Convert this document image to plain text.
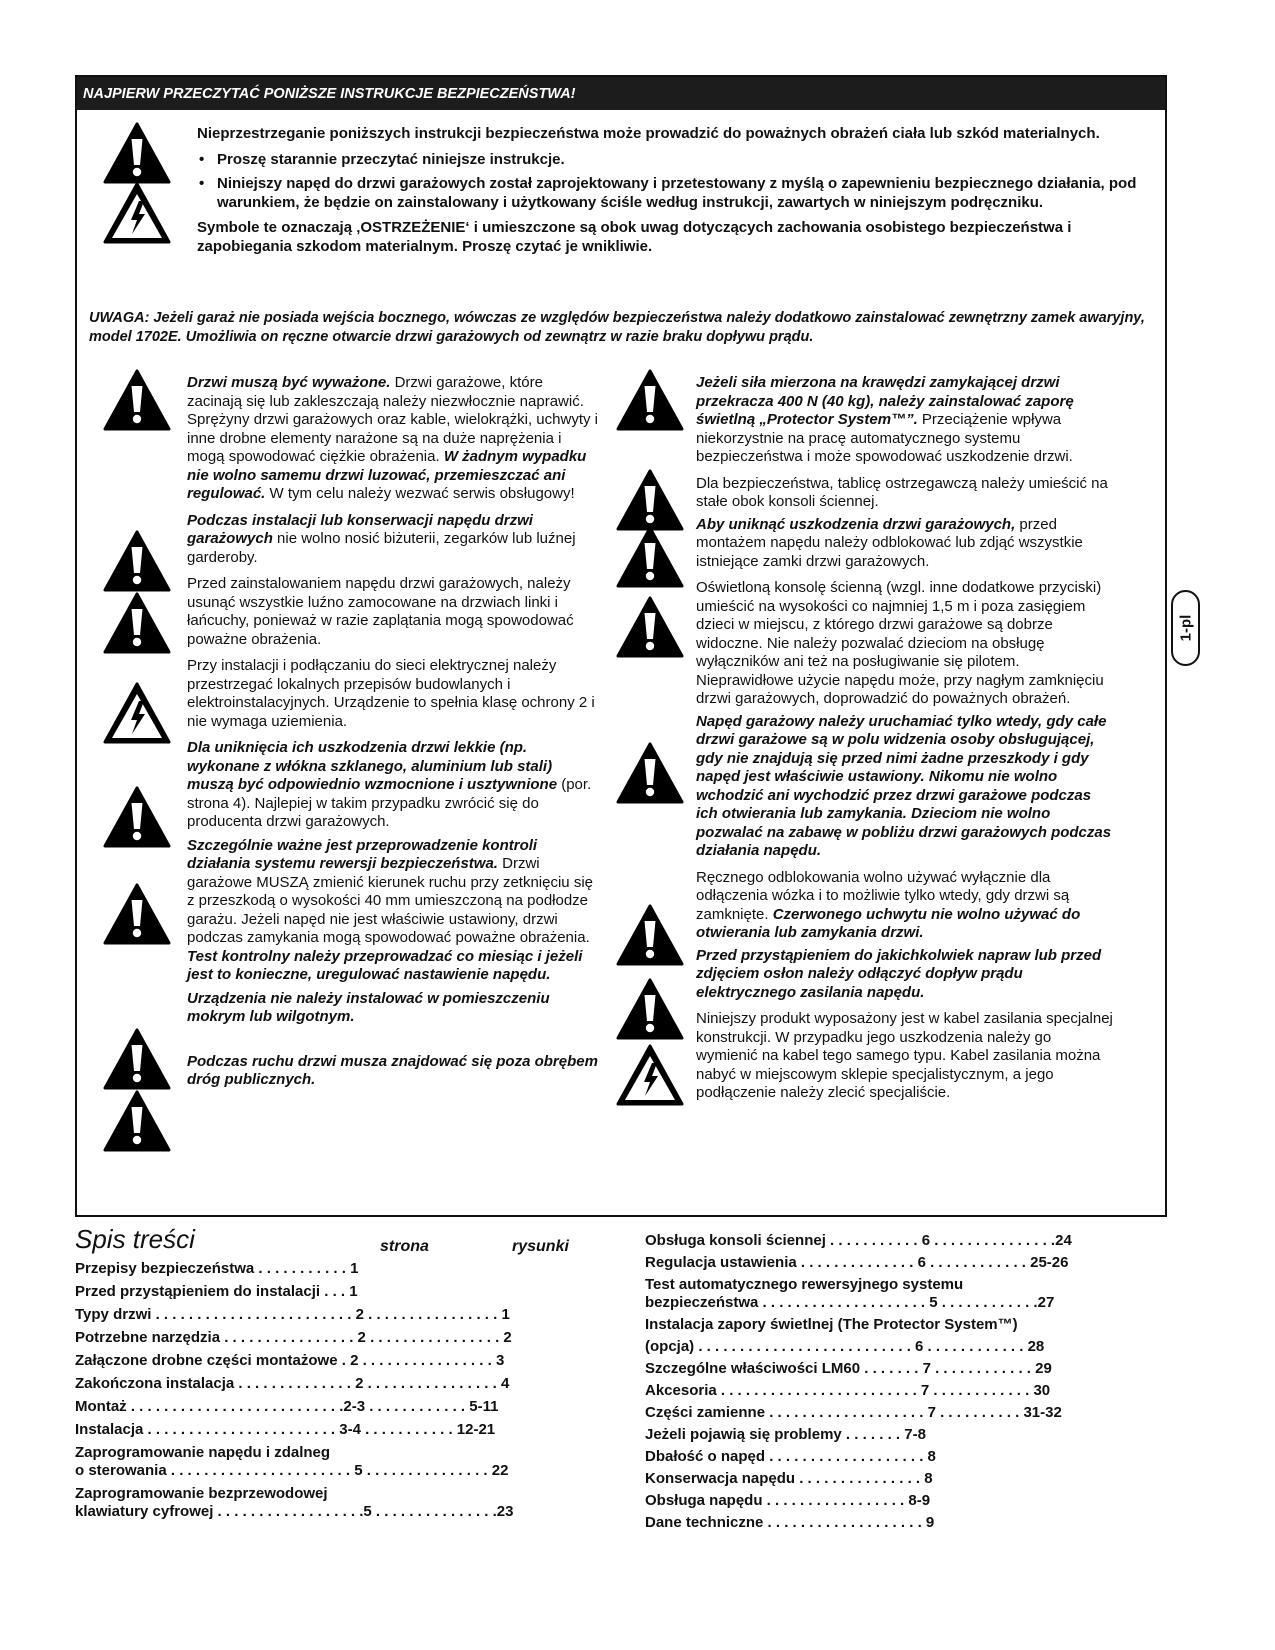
NAJPIERW PRZECZYTAĆ PONIŻSZE INSTRUKCJE BEZPIECZEŃSTWA!

Nieprzestrzeganie poniższych instrukcji bezpieczeństwa może prowadzić do poważnych obrażeń ciała lub szkód materialnych.

• Proszę starannie przeczytać niniejsze instrukcje.
• Niniejszy napęd do drzwi garażowych został zaprojektowany i przetestowany z myślą o zapewnieniu bezpiecznego działania, pod warunkiem, że będzie on zainstalowany i użytkowany ściśle według instrukcji, zawartych w niniejszym podręczniku.

Symbole te oznaczają ‚OSTRZEŻENIE‘ i umieszczone są obok uwag dotyczących zachowania osobistego bezpieczeństwa i zapobiegania szkodom materialnym. Proszę czytać je wnikliwie.

UWAGA: Jeżeli garaż nie posiada wejścia bocznego, wówczas ze względów bezpieczeństwa należy dodatkowo zainstalować zewnętrzny zamek awaryjny, model 1702E. Umożliwia on ręczne otwarcie drzwi garażowych od zewnątrz w razie braku dopływu prądu.

Drzwi muszą być wyważone. Drzwi garażowe, które zacinają się lub zakleszczają należy niezwłocznie naprawić. Sprężyny drzwi garażowych oraz kable, wielokrążki, uchwyty i inne drobne elementy narażone są na duże naprężenia i mogą spowodować ciężkie obrażenia. W żadnym wypadku nie wolno samemu drzwi luzować, przemieszczać ani regulować. W tym celu należy wezwać serwis obsługowy!

Podczas instalacji lub konserwacji napędu drzwi garażowych nie wolno nosić biżuterii, zegarków lub luźnej garderoby.

Przed zainstalowaniem napędu drzwi garażowych, należy usunąć wszystkie luźno zamocowane na drzwiach linki i łańcuchy, ponieważ w razie zaplątania mogą spowodować poważne obrażenia.

Przy instalacji i podłączaniu do sieci elektrycznej należy przestrzegać lokalnych przepisów budowlanych i elektroinstalacyjnych. Urządzenie to spełnia klasę ochrony 2 i nie wymaga uziemienia.

Dla uniknięcia ich uszkodzenia drzwi lekkie (np. wykonane z włókna szklanego, aluminium lub stali) muszą być odpowiednio wzmocnione i usztywnione (por. strona 4). Najlepiej w takim przypadku zwrócić się do producenta drzwi garażowych.

Szczególnie ważne jest przeprowadzenie kontroli działania systemu rewersji bezpieczeństwa. Drzwi garażowe MUSZĄ zmienić kierunek ruchu przy zetknięciu się z przeszkodą o wysokości 40 mm umieszczoną na podłodze garażu. Jeżeli napęd nie jest właściwie ustawiony, drzwi podczas zamykania mogą spowodować poważne obrażenia. Test kontrolny należy przeprowadzać co miesiąc i jeżeli jest to konieczne, uregulować nastawienie napędu.

Urządzenia nie należy instalować w pomieszczeniu mokrym lub wilgotnym.

Podczas ruchu drzwi musza znajdować się poza obrębem dróg publicznych.

Jeżeli siła mierzona na krawędzi zamykającej drzwi przekracza 400 N (40 kg), należy zainstalować zaporę świetlną „Protector System™”. Przeciążenie wpływa niekorzystnie na pracę automatycznego systemu bezpieczeństwa i może spowodować uszkodzenie drzwi.

Dla bezpieczeństwa, tablicę ostrzegawczą należy umieścić na stałe obok konsoli ściennej.

Aby uniknąć uszkodzenia drzwi garażowych, przed montażem napędu należy odblokować lub zdjąć wszystkie istniejące zamki drzwi garażowych.

Oświetloną konsolę ścienną (wzgl. inne dodatkowe przyciski) umieścić na wysokości co najmniej 1,5 m i poza zasięgiem dzieci w miejscu, z którego drzwi garażowe są dobrze widoczne. Nie należy pozwalać dzieciom na obsługę wyłączników ani też na posługiwanie się pilotem. Nieprawidłowe użycie napędu może, przy nagłym zamknięciu drzwi garażowych, doprowadzić do poważnych obrażeń.

Napęd garażowy należy uruchamiać tylko wtedy, gdy całe drzwi garażowe są w polu widzenia osoby obsługującej, gdy nie znajdują się przed nimi żadne przeszkody i gdy napęd jest właściwie ustawiony. Nikomu nie wolno wchodzić ani wychodzić przez drzwi garażowe podczas ich otwierania lub zamykania. Dzieciom nie wolno pozwalać na zabawę w pobliżu drzwi garażowych podczas działania napędu.

Ręcznego odblokowania wolno używać wyłącznie dla odłączenia wózka i to możliwie tylko wtedy, gdy drzwi są zamknięte. Czerwonego uchwytu nie wolno używać do otwierania lub zamykania drzwi.

Przed przystąpieniem do jakichkolwiek napraw lub przed zdjęciem osłon należy odłączyć dopływ prądu elektrycznego zasilania napędu.

Niniejszy produkt wyposażony jest w kabel zasilania specjalnej konstrukcji. W przypadku jego uszkodzenia należy go wymienić na kabel tego samego typu. Kabel zasilania można nabyć w miejscowym sklepie specjalistycznym, a jego podłączenie należy zlecić specjaliście.

Spis treści	strona	rysunki
Przepisy bezpieczeństwa . . . . . . . . . . . 1
Przed przystąpieniem do instalacji . . . 1
Typy drzwi . . . . . . . . . . . . . . . . . . . . . . . . 2 . . . . . . . . . . . . . . . . 1
Potrzebne narzędzia . . . . . . . . . . . . . . . . 2 . . . . . . . . . . . . . . . . 2
Załączone drobne części montażowe . 2 . . . . . . . . . . . . . . . . 3
Zakończona instalacja . . . . . . . . . . . . . . 2 . . . . . . . . . . . . . . . . 4
Montaż . . . . . . . . . . . . . . . . . . . . . . . . . .2-3 . . . . . . . . . . . . 5-11
Instalacja . . . . . . . . . . . . . . . . . . . . . . . 3-4 . . . . . . . . . . . 12-21
Zaprogramowanie napędu i zdalneg
o sterowania . . . . . . . . . . . . . . . . . . . . . . 5 . . . . . . . . . . . . . . . 22
Zaprogramowanie bezprzewodowej
klawiatury cyfrowej . . . . . . . . . . . . . . . . . .5 . . . . . . . . . . . . . . .23
Obsługa konsoli ściennej . . . . . . . . . . . 6 . . . . . . . . . . . . . . .24
Regulacja ustawienia . . . . . . . . . . . . . . 6 . . . . . . . . . . . . 25-26
Test automatycznego rewersyjnego systemu
bezpieczeństwa . . . . . . . . . . . . . . . . . . . . 5 . . . . . . . . . . . .27
Instalacja zapory świetlnej (The Protector System™)
(opcja) . . . . . . . . . . . . . . . . . . . . . . . . . . 6 . . . . . . . . . . . . 28
Szczególne właściwości LM60 . . . . . . . 7 . . . . . . . . . . . . 29
Akcesoria . . . . . . . . . . . . . . . . . . . . . . . . 7 . . . . . . . . . . . . 30
Części zamienne . . . . . . . . . . . . . . . . . . . 7 . . . . . . . . . . 31-32
Jeżeli pojawią się problemy . . . . . . . 7-8
Dbałość o napęd . . . . . . . . . . . . . . . . . . . 8
Konserwacja napędu . . . . . . . . . . . . . . . 8
Obsługa napędu . . . . . . . . . . . . . . . . . 8-9
Dane techniczne . . . . . . . . . . . . . . . . . . . 9
1-pl
